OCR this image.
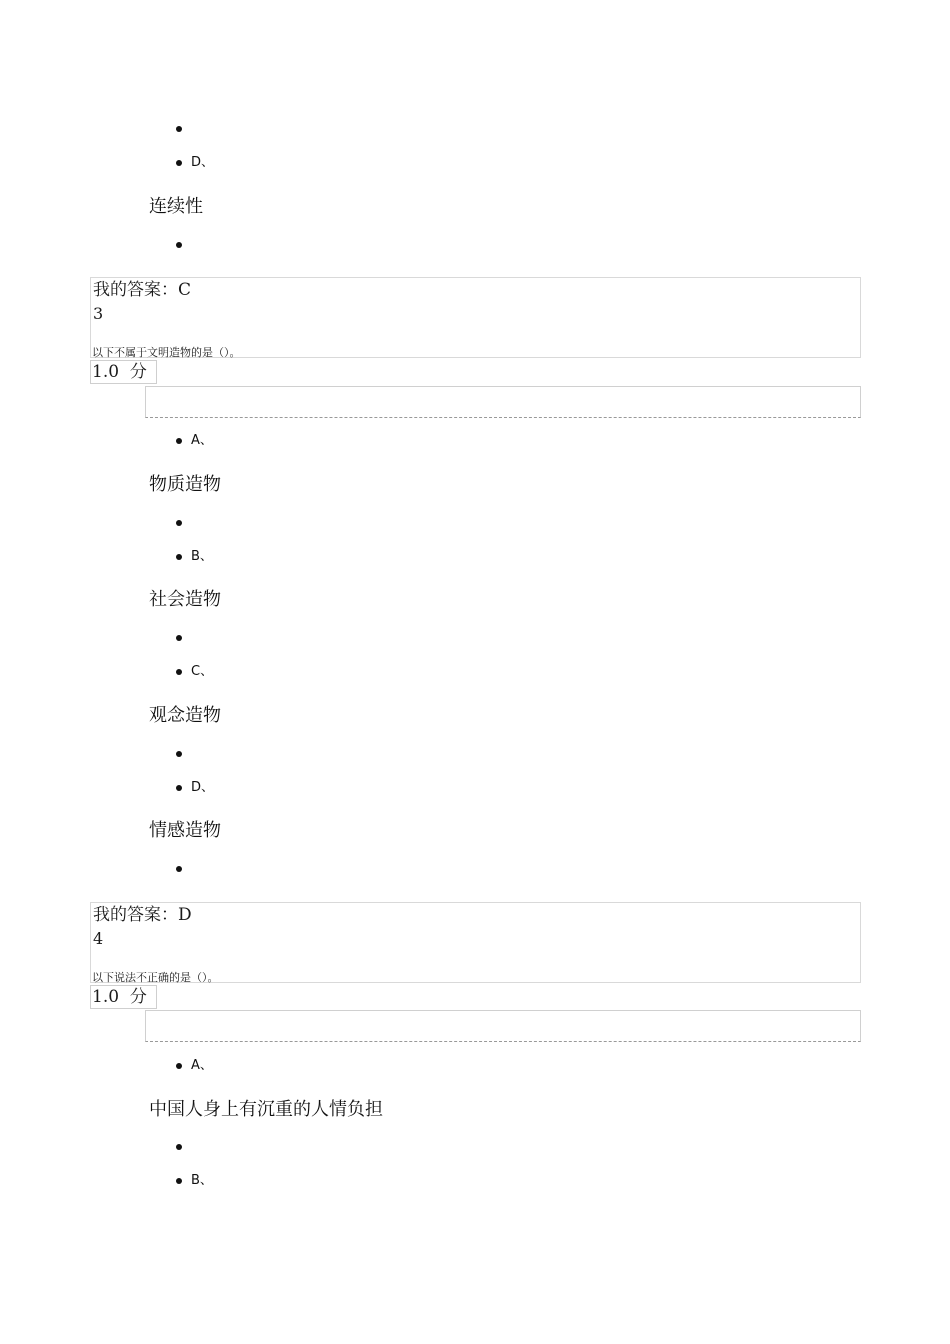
D、
连续性
我的答案：C
3
以下不属于文明造物的是（）。
1.0  分
A、
物质造物
B、
社会造物
C、
观念造物
D、
情感造物
我的答案：D
4
以下说法不正确的是（）。
1.0  分
A、
中国人身上有沉重的人情负担
B、
